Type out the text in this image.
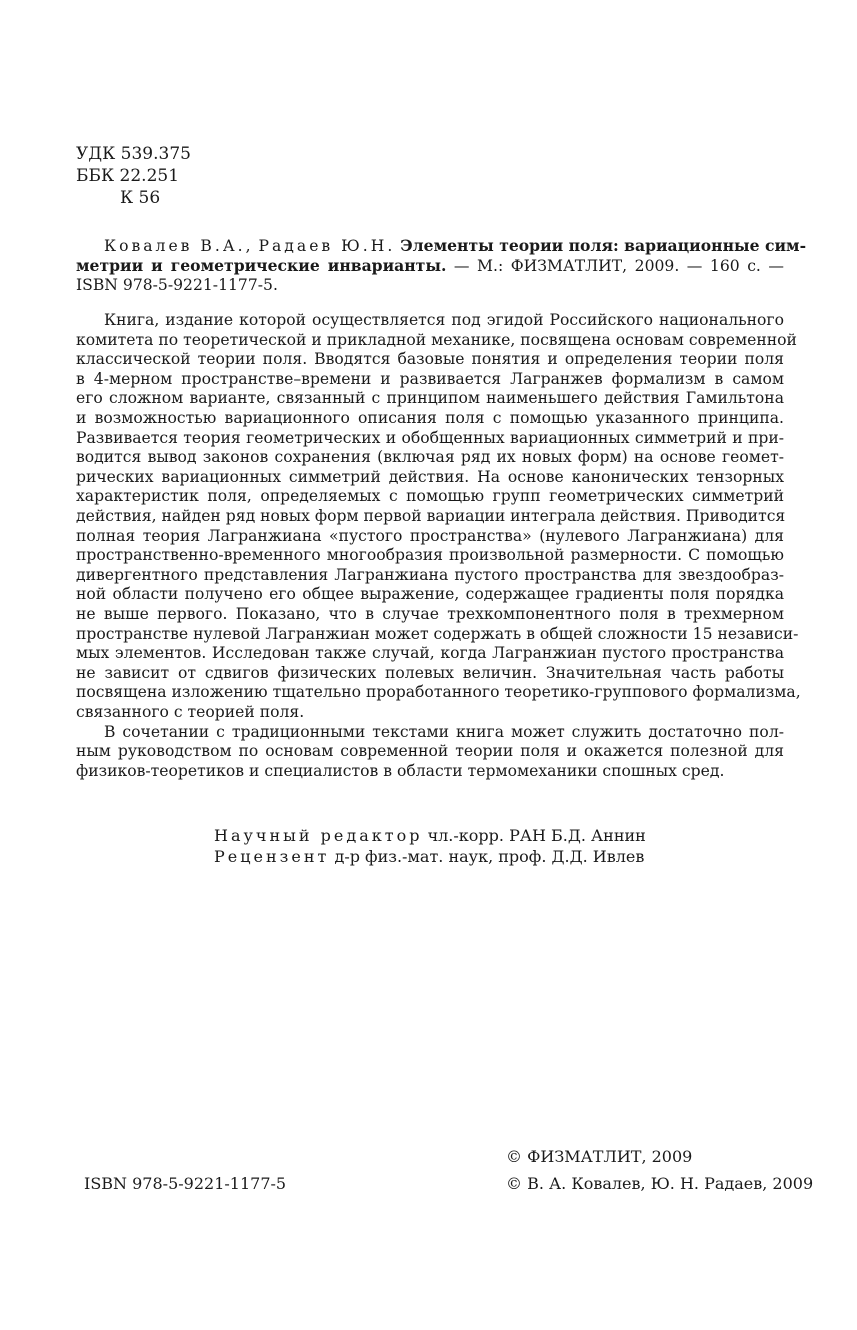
УДК 539.375
ББК 22.251
К 56
Ковалев В.А., Радаев Ю.Н. Элементы теории поля: вариационные сим-
метрии и геометрические инварианты. — М.: ФИЗМАТЛИТ, 2009. — 160 с. —
ISBN 978-5-9221-1177-5.
Книга, издание которой осуществляется под эгидой Российского национального
комитета по теоретической и прикладной механике, посвящена основам современной
классической теории поля. Вводятся базовые понятия и определения теории поля
в 4-мерном пространстве–времени и развивается Лагранжев формализм в самом
его сложном варианте, связанный с принципом наименьшего действия Гамильтона
и возможностью вариационного описания поля с помощью указанного принципа.
Развивается теория геометрических и обобщенных вариационных симметрий и при-
водится вывод законов сохранения (включая ряд их новых форм) на основе геомет-
рических вариационных симметрий действия. На основе канонических тензорных
характеристик поля, определяемых с помощью групп геометрических симметрий
действия, найден ряд новых форм первой вариации интеграла действия. Приводится
полная теория Лагранжиана «пустого пространства» (нулевого Лагранжиана) для
пространственно-временного многообразия произвольной размерности. С помощью
дивергентного представления Лагранжиана пустого пространства для звездообраз-
ной области получено его общее выражение, содержащее градиенты поля порядка
не выше первого. Показано, что в случае трехкомпонентного поля в трехмерном
пространстве нулевой Лагранжиан может содержать в общей сложности 15 независи-
мых элементов. Исследован также случай, когда Лагранжиан пустого пространства
не зависит от сдвигов физических полевых величин. Значительная часть работы
посвящена изложению тщательно проработанного теоретико-группового формализма,
связанного с теорией поля.
В сочетании с традиционными текстами книга может служить достаточно пол-
ным руководством по основам современной теории поля и окажется полезной для
физиков-теоретиков и специалистов в области термомеханики спошных сред.
Научный редактор чл.-корр. РАН Б.Д. Аннин
Рецензент д-р физ.-мат. наук, проф. Д.Д. Ивлев
© ФИЗМАТЛИТ, 2009
ISBN 978-5-9221-1177-5	© В. А. Ковалев, Ю. Н. Радаев, 2009
